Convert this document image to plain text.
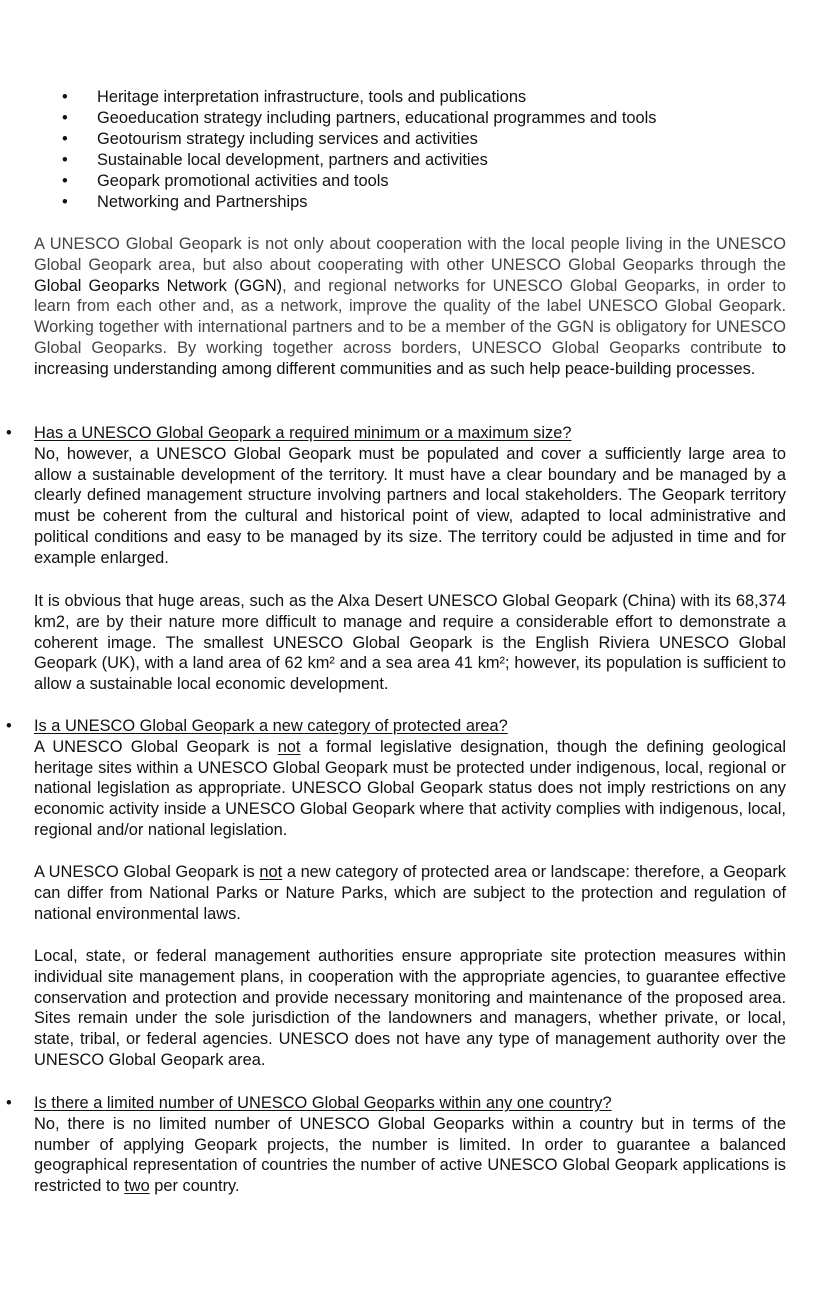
• Heritage interpretation infrastructure, tools and publications
• Geoeducation strategy including partners, educational programmes and tools
• Geotourism strategy including services and activities
• Sustainable local development, partners and activities
• Geopark promotional activities and tools
• Networking and Partnerships

A UNESCO Global Geopark is not only about cooperation with the local people living in the UNESCO Global Geopark area, but also about cooperating with other UNESCO Global Geoparks through the Global Geoparks Network (GGN), and regional networks for UNESCO Global Geoparks, in order to learn from each other and, as a network, improve the quality of the label UNESCO Global Geopark. Working together with international partners and to be a member of the GGN is obligatory for UNESCO Global Geoparks. By working together across borders, UNESCO Global Geoparks contribute to increasing understanding among different communities and as such help peace-building processes.

• Has a UNESCO Global Geopark a required minimum or a maximum size?

No, however, a UNESCO Global Geopark must be populated and cover a sufficiently large area to allow a sustainable development of the territory. It must have a clear boundary and be managed by a clearly defined management structure involving partners and local stakeholders. The Geopark territory must be coherent from the cultural and historical point of view, adapted to local administrative and political conditions and easy to be managed by its size. The territory could be adjusted in time and for example enlarged.

It is obvious that huge areas, such as the Alxa Desert UNESCO Global Geopark (China) with its 68,374 km2, are by their nature more difficult to manage and require a considerable effort to demonstrate a coherent image. The smallest UNESCO Global Geopark is the English Riviera UNESCO Global Geopark (UK), with a land area of 62 km² and a sea area 41 km²; however, its population is sufficient to allow a sustainable local economic development.

• Is a UNESCO Global Geopark a new category of protected area?

A UNESCO Global Geopark is not a formal legislative designation, though the defining geological heritage sites within a UNESCO Global Geopark must be protected under indigenous, local, regional or national legislation as appropriate. UNESCO Global Geopark status does not imply restrictions on any economic activity inside a UNESCO Global Geopark where that activity complies with indigenous, local, regional and/or national legislation.

A UNESCO Global Geopark is not a new category of protected area or landscape: therefore, a Geopark can differ from National Parks or Nature Parks, which are subject to the protection and regulation of national environmental laws.

Local, state, or federal management authorities ensure appropriate site protection measures within individual site management plans, in cooperation with the appropriate agencies, to guarantee effective conservation and protection and provide necessary monitoring and maintenance of the proposed area. Sites remain under the sole jurisdiction of the landowners and managers, whether private, or local, state, tribal, or federal agencies. UNESCO does not have any type of management authority over the UNESCO Global Geopark area.

• Is there a limited number of UNESCO Global Geoparks within any one country?

No, there is no limited number of UNESCO Global Geoparks within a country but in terms of the number of applying Geopark projects, the number is limited. In order to guarantee a balanced geographical representation of countries the number of active UNESCO Global Geopark applications is restricted to two per country.
